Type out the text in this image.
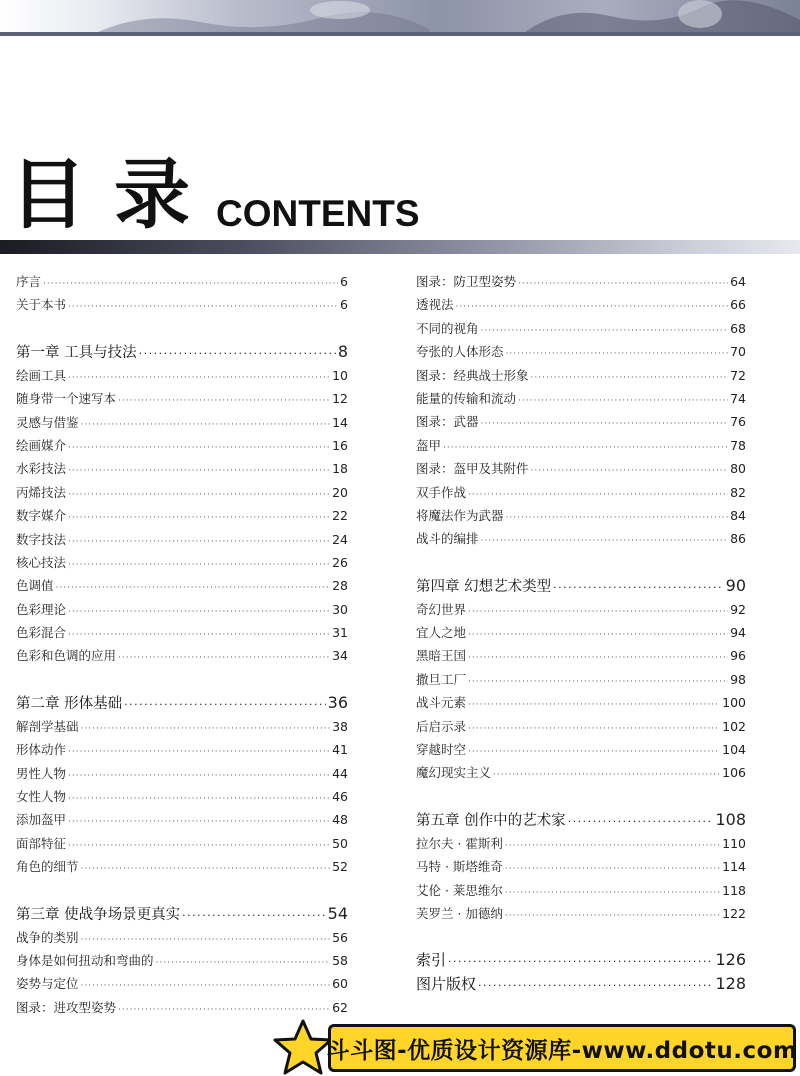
目录
CONTENTS
序言 ·····	6
关于本书 ·····	6
第一章 工具与技法 ·····	8
绘画工具 ·····	10
随身带一个速写本 ·····	12
灵感与借鉴 ·····	14
绘画媒介 ·····	16
水彩技法 ·····	18
丙烯技法 ·····	20
数字媒介 ·····	22
数字技法 ·····	24
核心技法 ·····	26
色调值 ·····	28
色彩理论 ·····	30
色彩混合 ·····	31
色彩和色调的应用 ·····	34
第二章 形体基础 ·····	36
解剖学基础 ·····	38
形体动作 ·····	41
男性人物 ·····	44
女性人物 ·····	46
添加盔甲 ·····	48
面部特征 ·····	50
角色的细节 ·····	52
第三章 使战争场景更真实 ·····	54
战争的类别 ·····	56
身体是如何扭动和弯曲的 ·····	58
姿势与定位 ·····	60
图录：进攻型姿势 ·····	62
图录：防卫型姿势 ·····	64
透视法 ·····	66
不同的视角 ·····	68
夸张的人体形态 ·····	70
图录：经典战士形象 ·····	72
能量的传输和流动 ·····	74
图录：武器 ·····	76
盔甲 ·····	78
图录：盔甲及其附件 ·····	80
双手作战 ·····	82
将魔法作为武器 ·····	84
战斗的编排 ·····	86
第四章 幻想艺术类型 ·····	90
奇幻世界 ·····	92
宜人之地 ·····	94
黑暗王国 ·····	96
撒旦工厂 ·····	98
战斗元素 ·····	100
后启示录 ·····	102
穿越时空 ·····	104
魔幻现实主义 ·····	106
第五章 创作中的艺术家 ·····	108
拉尔夫 · 霍斯利 ·····	110
马特 · 斯塔维奇 ·····	114
艾伦 · 莱思维尔 ·····	118
芙罗兰 · 加德纳 ·····	122
索引 ·····	126
图片版权 ·····	128
斗斗图-优质设计资源库-www.ddotu.com
